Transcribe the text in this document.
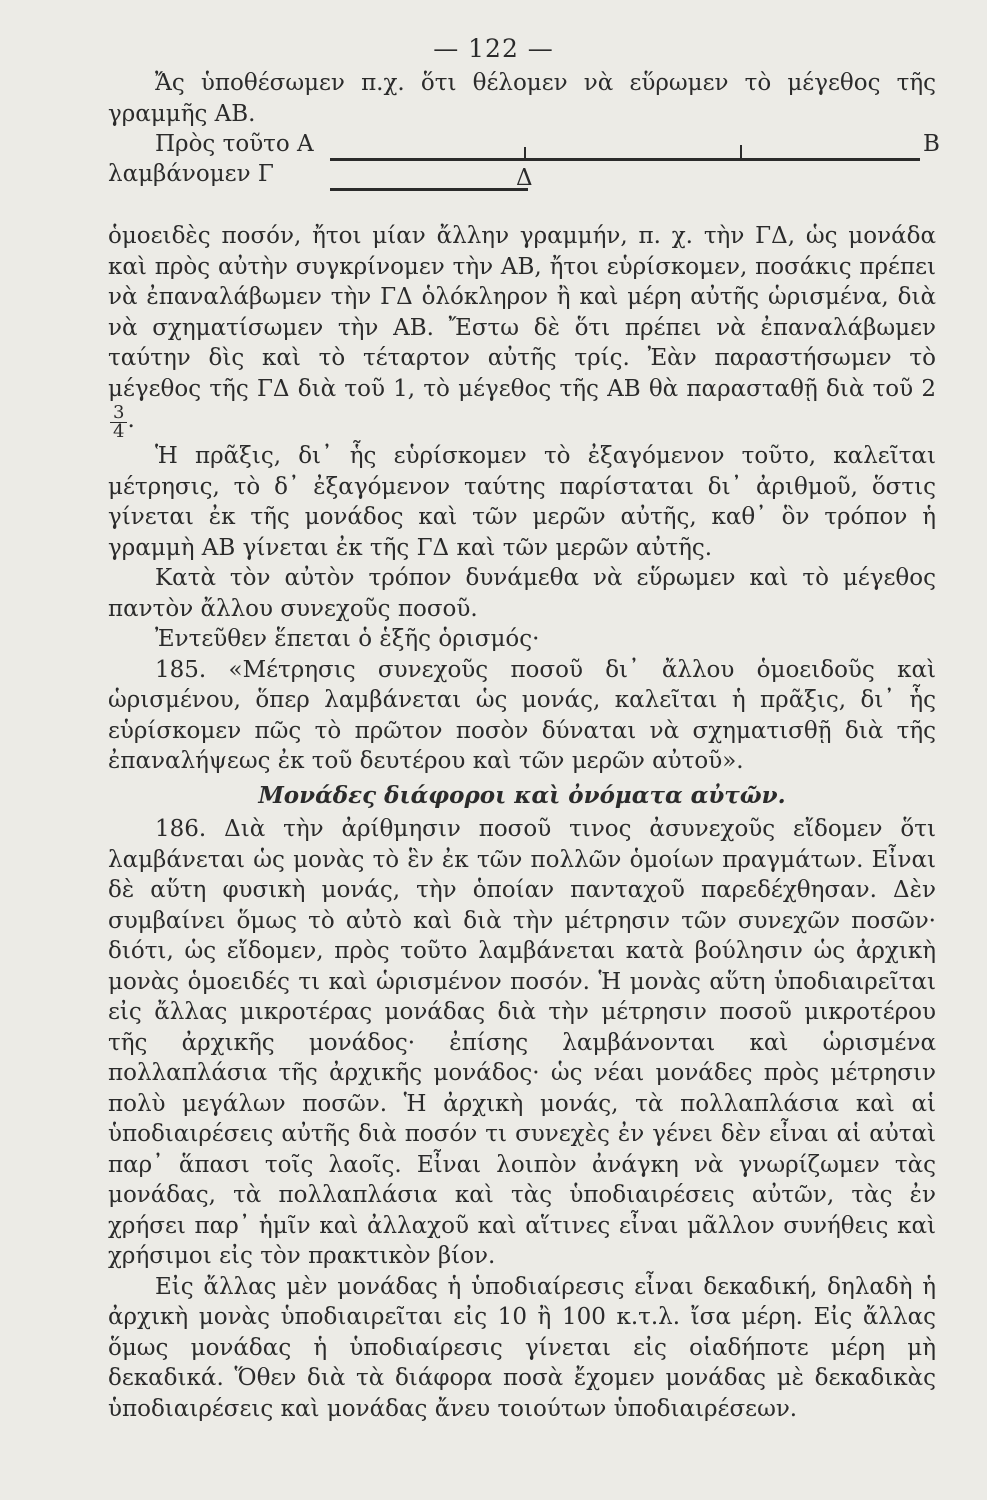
— 122 —

Ἄς ὑποθέσωμεν π.χ. ὅτι θέλομεν νὰ εὕρωμεν τὸ μέγεθος τῆς γραμμῆς ΑΒ.

Πρὸς τοῦτο Α	Β
λαμβάνομεν Γ	Δ

ὁμοειδὲς ποσόν, ἤτοι μίαν ἄλλην γραμμήν, π. χ. τὴν ΓΔ, ὡς μονάδα καὶ πρὸς αὐτὴν συγκρίνομεν τὴν ΑΒ, ἤτοι εὑρίσκομεν, ποσάκις πρέπει νὰ ἐπαναλάβωμεν τὴν ΓΔ ὁλόκληρον ἢ καὶ μέρη αὐτῆς ὡρισμένα, διὰ νὰ σχηματίσωμεν τὴν ΑΒ. Ἔστω δὲ ὅτι πρέπει νὰ ἐπαναλάβωμεν ταύτην δὶς καὶ τὸ τέταρτον αὐτῆς τρίς. Ἐὰν παραστήσωμεν τὸ μέγεθος τῆς ΓΔ διὰ τοῦ 1, τὸ μέγεθος τῆς ΑΒ θὰ παρασταθῇ διὰ τοῦ 2
$\frac{3}{4}$ .

Ἡ πρᾶξις, δι᾽ ἧς εὑρίσκομεν τὸ ἐξαγόμενον τοῦτο, καλεῖται μέτρησις, τὸ δ᾽ ἐξαγόμενον ταύτης παρίσταται δι᾽ ἀριθμοῦ, ὅστις γίνεται ἐκ τῆς μονάδος καὶ τῶν μερῶν αὐτῆς, καθ᾽ ὃν τρόπον ἡ γραμμὴ ΑΒ γίνεται ἐκ τῆς ΓΔ καὶ τῶν μερῶν αὐτῆς.

Κατὰ τὸν αὐτὸν τρόπον δυνάμεθα νὰ εὕρωμεν καὶ τὸ μέγεθος παντὸν ἄλλου συνεχοῦς ποσοῦ.

Ἐντεῦθεν ἕπεται ὁ ἑξῆς ὁρισμός·

185. «Μέτρησις συνεχοῦς ποσοῦ δι᾽ ἄλλου ὁμοειδοῦς καὶ ὡρισμένου, ὅπερ λαμβάνεται ὡς μονάς, καλεῖται ἡ πρᾶξις, δι᾽ ἧς εὑρίσκομεν πῶς τὸ πρῶτον ποσὸν δύναται νὰ σχηματισθῇ διὰ τῆς ἐπαναλήψεως ἐκ τοῦ δευτέρου καὶ τῶν μερῶν αὐτοῦ».

Μονάδες διάφοροι καὶ ὀνόματα αὐτῶν.

186. Διὰ τὴν ἀρίθμησιν ποσοῦ τινος ἀσυνεχοῦς εἴδομεν ὅτι λαμβάνεται ὡς μονὰς τὸ ἓν ἐκ τῶν πολλῶν ὁμοίων πραγμάτων. Εἶναι δὲ αὕτη φυσικὴ μονάς, τὴν ὁποίαν πανταχοῦ παρεδέχθησαν. Δὲν συμβαίνει ὅμως τὸ αὐτὸ καὶ διὰ τὴν μέτρησιν τῶν συνεχῶν ποσῶν· διότι, ὡς εἴδομεν, πρὸς τοῦτο λαμβάνεται κατὰ βούλησιν ὡς ἀρχικὴ μονὰς ὁμοειδές τι καὶ ὡρισμένον ποσόν. Ἡ μονὰς αὕτη ὑποδιαιρεῖται εἰς ἄλλας μικροτέρας μονάδας διὰ τὴν μέτρησιν ποσοῦ μικροτέρου τῆς ἀρχικῆς μονάδος· ἐπίσης λαμβάνονται καὶ ὡρισμένα πολλαπλάσια τῆς ἀρχικῆς μονάδος· ὡς νέαι μονάδες πρὸς μέτρησιν πολὺ μεγάλων ποσῶν. Ἡ ἀρχικὴ μονάς, τὰ πολλαπλάσια καὶ αἱ ὑποδιαιρέσεις αὐτῆς διὰ ποσόν τι συνεχὲς ἐν γένει δὲν εἶναι αἱ αὐταὶ παρ᾽ ἅπασι τοῖς λαοῖς. Εἶναι λοιπὸν ἀνάγκη νὰ γνωρίζωμεν τὰς μονάδας, τὰ πολλαπλάσια καὶ τὰς ὑποδιαιρέσεις αὐτῶν, τὰς ἐν χρήσει παρ᾽ ἡμῖν καὶ ἀλλαχοῦ καὶ αἵτινες εἶναι μᾶλλον συνήθεις καὶ χρήσιμοι εἰς τὸν πρακτικὸν βίον.

Εἰς ἄλλας μὲν μονάδας ἡ ὑποδιαίρεσις εἶναι δεκαδική, δηλαδὴ ἡ ἀρχικὴ μονὰς ὑποδιαιρεῖται εἰς 10 ἢ 100 κ.τ.λ. ἴσα μέρη. Εἰς ἄλλας ὅμως μονάδας ἡ ὑποδιαίρεσις γίνεται εἰς οἱαδήποτε μέρη μὴ δεκαδικά. Ὅθεν διὰ τὰ διάφορα ποσὰ ἔχομεν μονάδας μὲ δεκαδικὰς ὑποδιαιρέσεις καὶ μονάδας ἄνευ τοιούτων ὑποδιαιρέσεων.
